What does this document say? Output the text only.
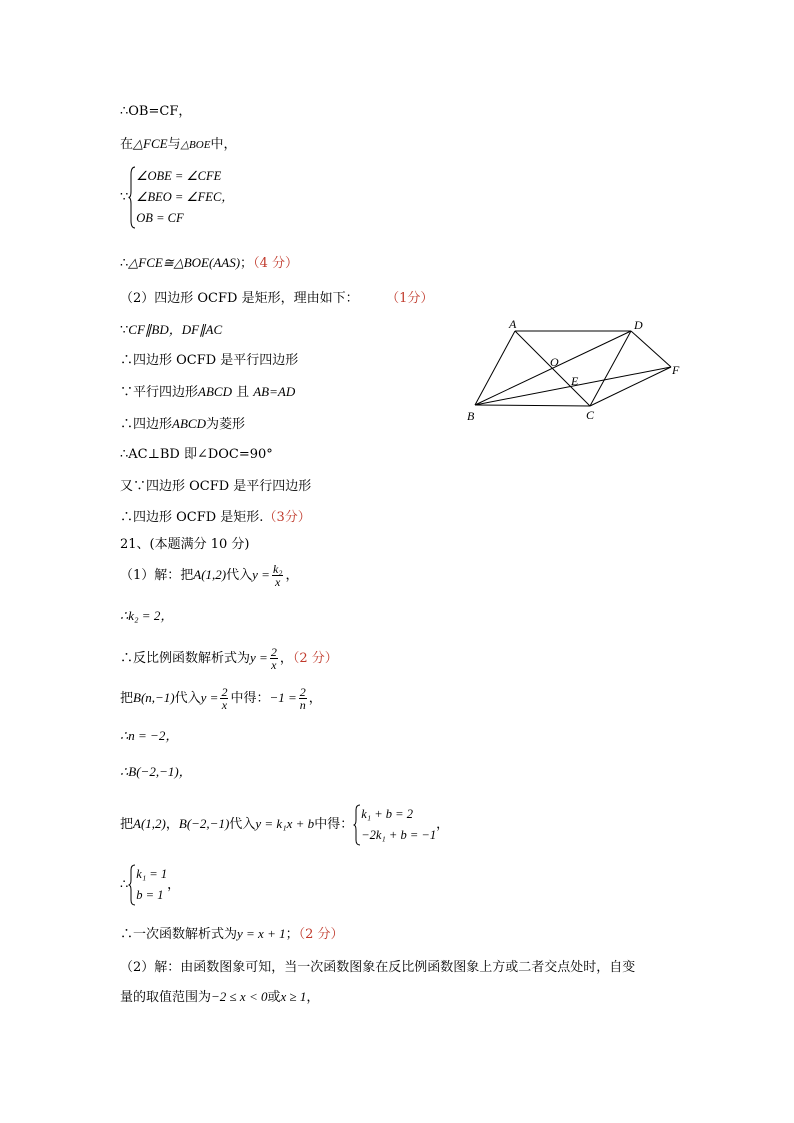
∴OB=CF，
在△FCE与△BOE中，
∵
∠OBE = ∠CFE
∠BEO = ∠FEC，
OB = CF
∴△FCE≅△BOE(AAS)；（4 分）
（2）四边形 OCFD 是矩形，理由如下：	（1分）
∵CF∥BD，DF∥AC
∴四边形 OCFD 是平行四边形
∵平行四边形ABCD 且 AB=AD
∴四边形ABCD为菱形
∴AC⊥BD 即∠DOC=90°
又∵四边形 OCFD 是平行四边形
∴四边形 OCFD 是矩形.（3分）
A	D
O
E
F
B	C
21、(本题满分 10 分)
（1）解：把A(1,2)代入$y = \frac{\text{k₂}}{x}$ ，
∴k₂ = 2，
∴反比例函数解析式为$y = \frac{2}{x}$ ，（2 分）
把B(n,−1)代入$y = \frac{2}{x}$ 中得：$-1 = \frac{2}{n}$ ，
∴n = −2，
∴B(−2,−1)，
把A(1,2)，B(−2,−1)代入y = k₁x + b中得：
k₁ + b = 2
−2k₁ + b = −1
，
∴
k₁ = 1
b = 1
，
∴一次函数解析式为y = x + 1；（2 分）
（2）解：由函数图象可知，当一次函数图象在反比例函数图象上方或二者交点处时，自变
量的取值范围为−2 ≤ x < 0或x ≥ 1，
